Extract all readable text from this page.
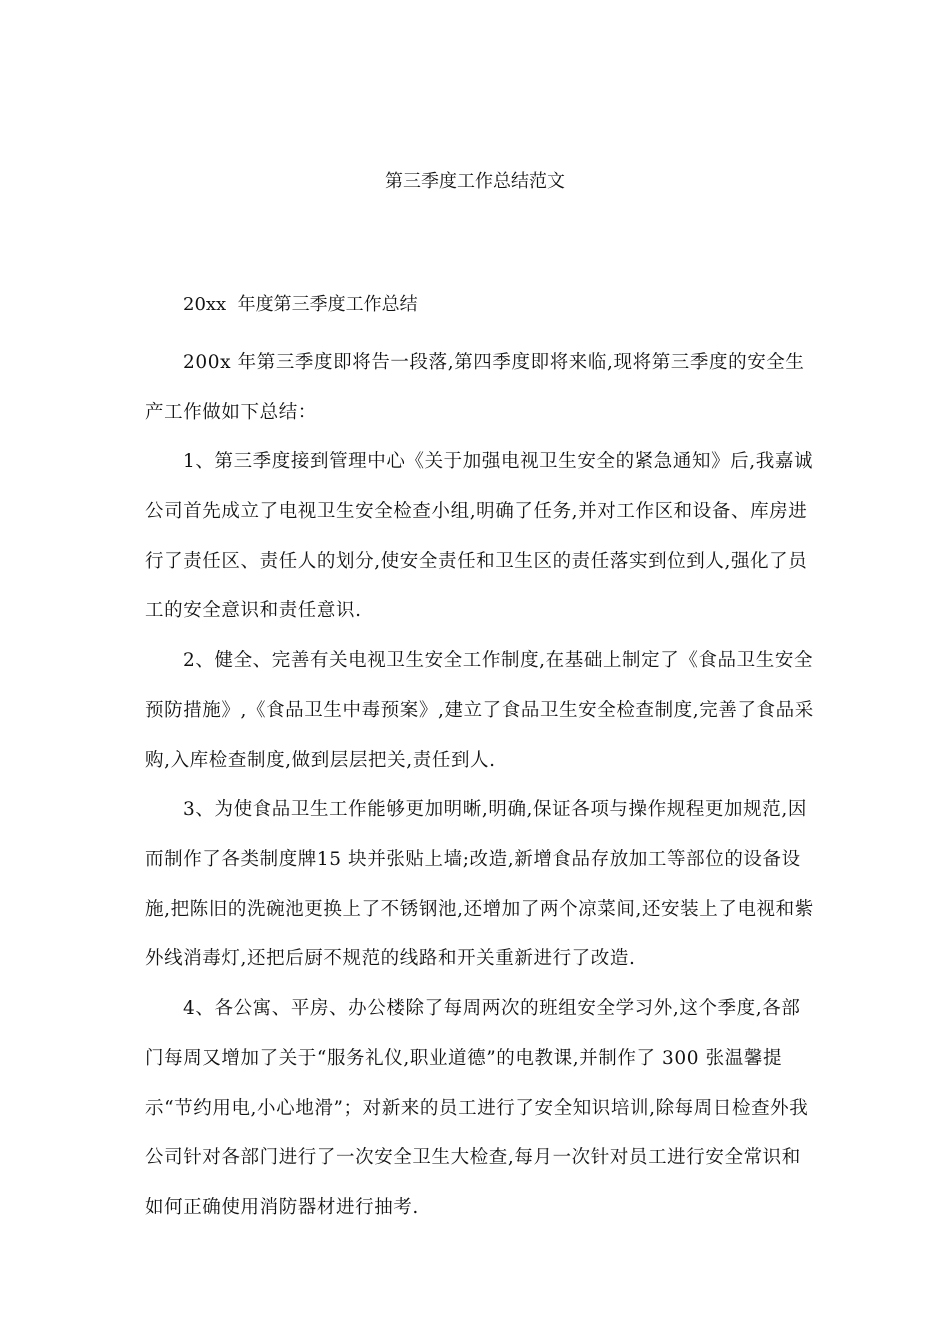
第三季度工作总结范文
20xx  年度第三季度工作总结

200x 年第三季度即将告一段落,第四季度即将来临,现将第三季度的安全生产工作做如下总结：

1、第三季度接到管理中心《关于加强电视卫生安全的紧急通知》后,我嘉诚公司首先成立了电视卫生安全检查小组,明确了任务,并对工作区和设备、库房进行了责任区、责任人的划分,使安全责任和卫生区的责任落实到位到人,强化了员工的安全意识和责任意识.

2、健全、完善有关电视卫生安全工作制度,在基础上制定了《食品卫生安全预防措施》,《食品卫生中毒预案》,建立了食品卫生安全检查制度,完善了食品采购,入库检查制度,做到层层把关,责任到人.

3、为使食品卫生工作能够更加明晰,明确,保证各项与操作规程更加规范,因而制作了各类制度牌15 块并张贴上墙;改造,新增食品存放加工等部位的设备设施,把陈旧的洗碗池更换上了不锈钢池,还增加了两个凉菜间,还安装上了电视和紫外线消毒灯,还把后厨不规范的线路和开关重新进行了改造.

4、各公寓、平房、办公楼除了每周两次的班组安全学习外,这个季度,各部门每周又增加了关于“服务礼仪,职业道德”的电教课,并制作了 300 张温馨提示“节约用电,小心地滑”；对新来的员工进行了安全知识培训,除每周日检查外我公司针对各部门进行了一次安全卫生大检查,每月一次针对员工进行安全常识和如何正确使用消防器材进行抽考.
